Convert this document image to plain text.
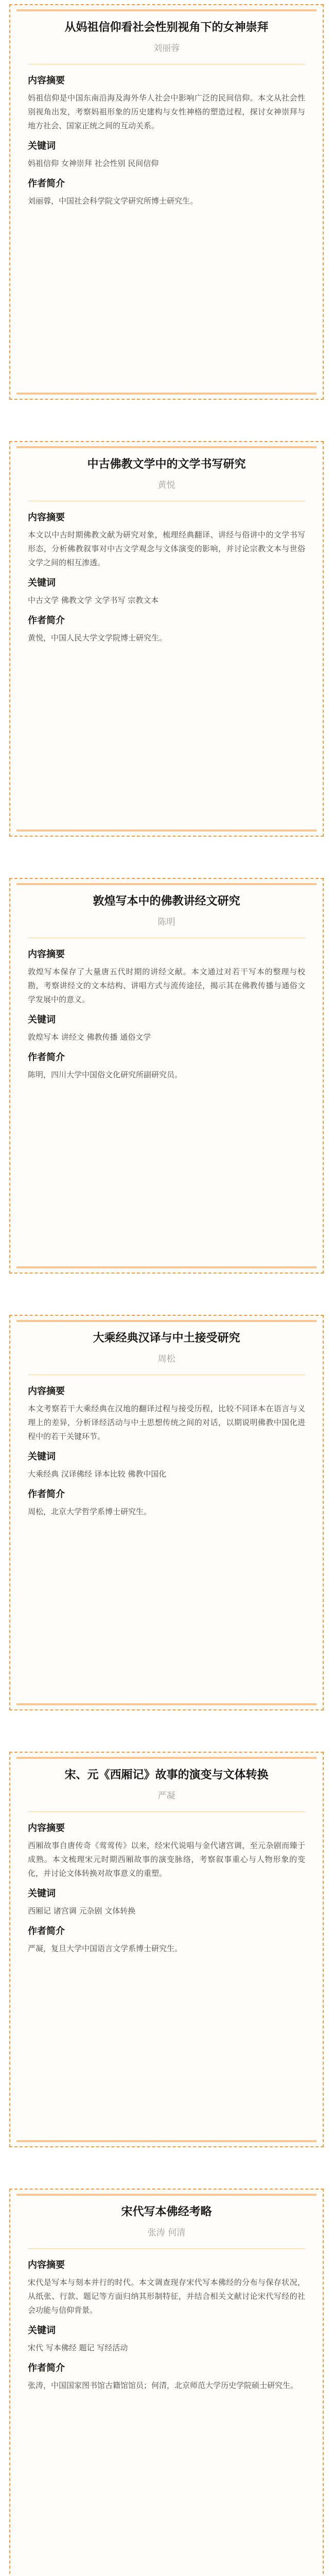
从妈祖信仰看社会性别视角下的女神崇拜
刘丽蓉
内容摘要

妈祖信仰是中国东南沿海及海外华人社会中影响广泛的民间信仰。本文从社会性别视角出发，考察妈祖形象的历史建构与女性神格的塑造过程，探讨女神崇拜与地方社会、国家正统之间的互动关系。

关键词

妈祖信仰 女神崇拜 社会性别 民间信仰

作者简介

刘丽蓉，中国社会科学院文学研究所博士研究生。

中古佛教文学中的文学书写研究
黄悦
内容摘要

本文以中古时期佛教文献为研究对象，梳理经典翻译、讲经与俗讲中的文学书写形态，分析佛教叙事对中古文学观念与文体演变的影响，并讨论宗教文本与世俗文学之间的相互渗透。

关键词

中古文学 佛教文学 文学书写 宗教文本

作者简介

黄悦，中国人民大学文学院博士研究生。

敦煌写本中的佛教讲经文研究
陈明
内容摘要

敦煌写本保存了大量唐五代时期的讲经文献。本文通过对若干写本的整理与校勘，考察讲经文的文本结构、讲唱方式与流传途径，揭示其在佛教传播与通俗文学发展中的意义。

关键词

敦煌写本 讲经文 佛教传播 通俗文学

作者简介

陈明，四川大学中国俗文化研究所副研究员。

大乘经典汉译与中土接受研究
周松
内容摘要

本文考察若干大乘经典在汉地的翻译过程与接受历程，比较不同译本在语言与义理上的差异，分析译经活动与中土思想传统之间的对话，以期说明佛教中国化进程中的若干关键环节。

关键词

大乘经典 汉译佛经 译本比较 佛教中国化

作者简介

周松，北京大学哲学系博士研究生。

宋、元《西厢记》故事的演变与文体转换
严凝
内容摘要

西厢故事自唐传奇《莺莺传》以来，经宋代说唱与金代诸宫调，至元杂剧而臻于成熟。本文梳理宋元时期西厢故事的演变脉络，考察叙事重心与人物形象的变化，并讨论文体转换对故事意义的重塑。

关键词

西厢记 诸宫调 元杂剧 文体转换

作者简介

严凝，复旦大学中国语言文学系博士研究生。

宋代写本佛经考略
张涛 何清
内容摘要

宋代是写本与刻本并行的时代。本文调查现存宋代写本佛经的分布与保存状况，从纸张、行款、题记等方面归纳其形制特征，并结合相关文献讨论宋代写经的社会功能与信仰背景。

关键词

宋代 写本佛经 题记 写经活动

作者简介

张涛，中国国家图书馆古籍馆馆员；何清，北京师范大学历史学院硕士研究生。
